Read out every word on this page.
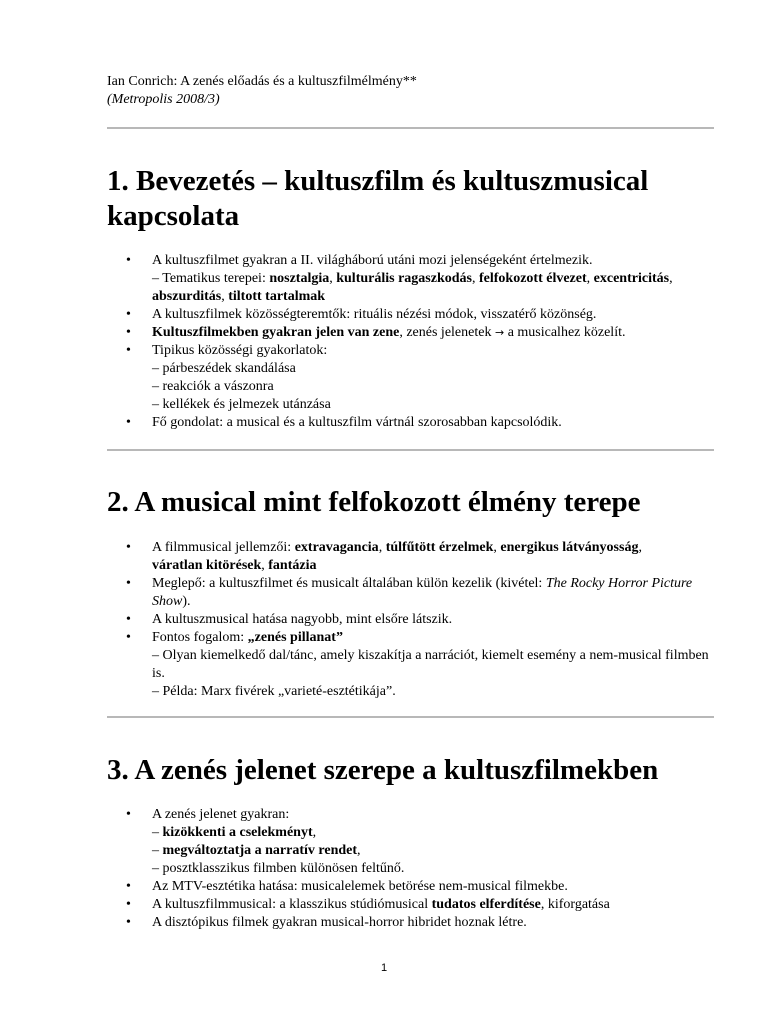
Ian Conrich: A zenés előadás és a kultuszfilmélmény**
(Metropolis 2008/3)
1. Bevezetés – kultuszfilm és kultuszmusical
kapcsolata
• A kultuszfilmet gyakran a II. világháború utáni mozi jelenségeként értelmezik.
– Tematikus terepei: nosztalgia, kulturális ragaszkodás, felfokozott élvezet, excentricitás,
abszurditás, tiltott tartalmak
• A kultuszfilmek közösségteremtők: rituális nézési módok, visszatérő közönség.
• Kultuszfilmekben gyakran jelen van zene, zenés jelenetek → a musicalhez közelít.
• Tipikus közösségi gyakorlatok:
– párbeszédek skandálása
– reakciók a vászonra
– kellékek és jelmezek utánzása
• Fő gondolat: a musical és a kultuszfilm vártnál szorosabban kapcsolódik.
2. A musical mint felfokozott élmény terepe
• A filmmusical jellemzői: extravagancia, túlfűtött érzelmek, energikus látványosság,
váratlan kitörések, fantázia
• Meglepő: a kultuszfilmet és musicalt általában külön kezelik (kivétel: The Rocky Horror Picture Show).
• A kultuszmusical hatása nagyobb, mint elsőre látszik.
• Fontos fogalom: „zenés pillanat”
– Olyan kiemelkedő dal/tánc, amely kiszakítja a narrációt, kiemelt esemény a nem-musical filmben is.
– Példa: Marx fivérek „varieté-esztétikája”.
3. A zenés jelenet szerepe a kultuszfilmekben
• A zenés jelenet gyakran:
– kizökkenti a cselekményt,
– megváltoztatja a narratív rendet,
– posztklasszikus filmben különösen feltűnő.
• Az MTV-esztétika hatása: musicalelemek betörése nem-musical filmekbe.
• A kultuszfilmmusical: a klasszikus stúdiómusical tudatos elferdítése, kiforgatása
• A disztópikus filmek gyakran musical-horror hibridet hoznak létre.
1
